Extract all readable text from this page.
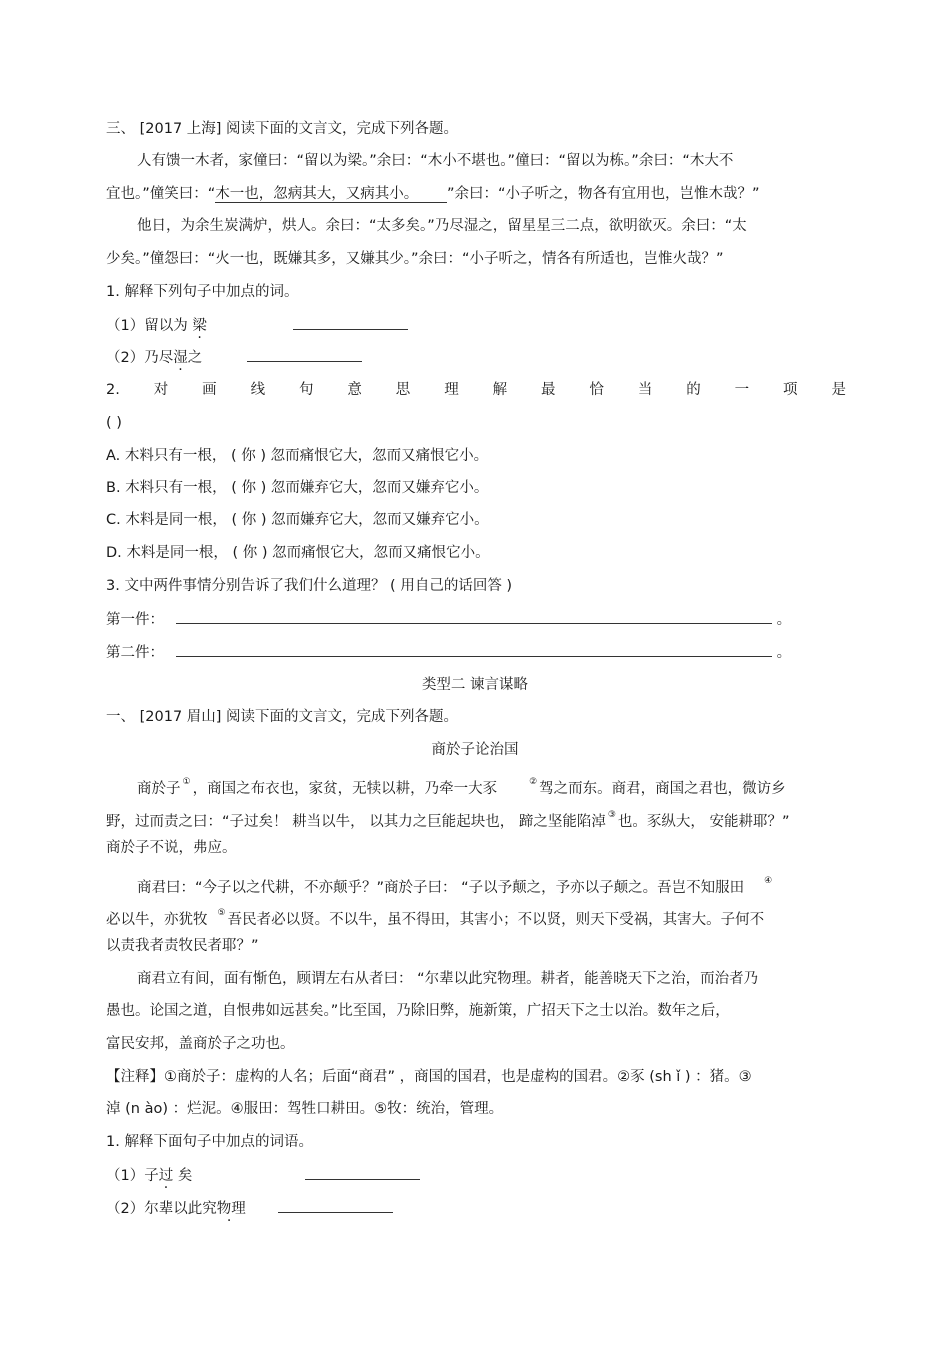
三、 [2017 上海] 阅读下面的文言文，完成下列各题。
人有馈一木者，家僮曰：“留以为梁。”余曰：“木小不堪也。”僮曰：“留以为栋。”余曰：“木大不
宜也。”僮笑曰：“木一也，忽病其大，又病其小。 ”余曰：“小子听之，物各有宜用也，岂惟木哉？”
他日，为余生炭满炉，烘人。余曰：“太多矣。”乃尽湿之，留星星三二点，欲明欲灭。余曰：“太
少矣。”僮怨曰：“火一也，既嫌其多，又嫌其少。”余曰：“小子听之，情各有所适也，岂惟火哉？”
1. 解释下列句子中加点的词。
（1）留以为 梁
（2）乃尽湿之
2. 对 画 线 句 意 思 理 解 最 恰 当 的 一 项 是
( )
A. 木料只有一根， ( 你 ) 忽而痛恨它大，忽而又痛恨它小。
B. 木料只有一根， ( 你 ) 忽而嫌弃它大，忽而又嫌弃它小。
C. 木料是同一根， ( 你 ) 忽而嫌弃它大，忽而又嫌弃它小。
D. 木料是同一根， ( 你 ) 忽而痛恨它大，忽而又痛恨它小。
3. 文中两件事情分别告诉了我们什么道理？ ( 用自己的话回答 )
第一件：	。
第二件：	。
类型二 谏言谋略
一、 [2017 眉山] 阅读下面的文言文，完成下列各题。
商於子论治国
商於子 ① ，商国之布衣也，家贫，无犊以耕，乃牵一大豕	② 驾之而东。商君，商国之君也，微访乡
野，过而责之曰：“子过矣！ 耕当以牛， 以其力之巨能起块也， 蹄之坚能陷淖 ③ 也。豕纵大， 安能耕耶？”
商於子不说，弗应。
商君曰：“今子以之代耕，不亦颠乎？”商於子曰： “子以予颠之，予亦以子颠之。吾岂不知服田 ④
必以牛，亦犹牧 ⑤ 吾民者必以贤。不以牛，虽不得田，其害小；不以贤，则天下受祸，其害大。子何不
以责我者责牧民者耶？”
商君立有间，面有惭色，顾谓左右从者曰： “尔辈以此究物理。耕者，能善晓天下之治，而治者乃
愚也。论国之道，自恨弗如远甚矣。”比至国，乃除旧弊，施新策，广招天下之士以治。数年之后，
富民安邦，盖商於子之功也。
【注释】①商於子：虚构的人名；后面“商君” ，商国的国君，也是虚构的国君。②豕 (sh ǐ ) ：猪。③
淖 (n ào) ：烂泥。④服田：驾牲口耕田。⑤牧：统治，管理。
1. 解释下面句子中加点的词语。
（1）子过 矣
（2）尔辈以此究物理
